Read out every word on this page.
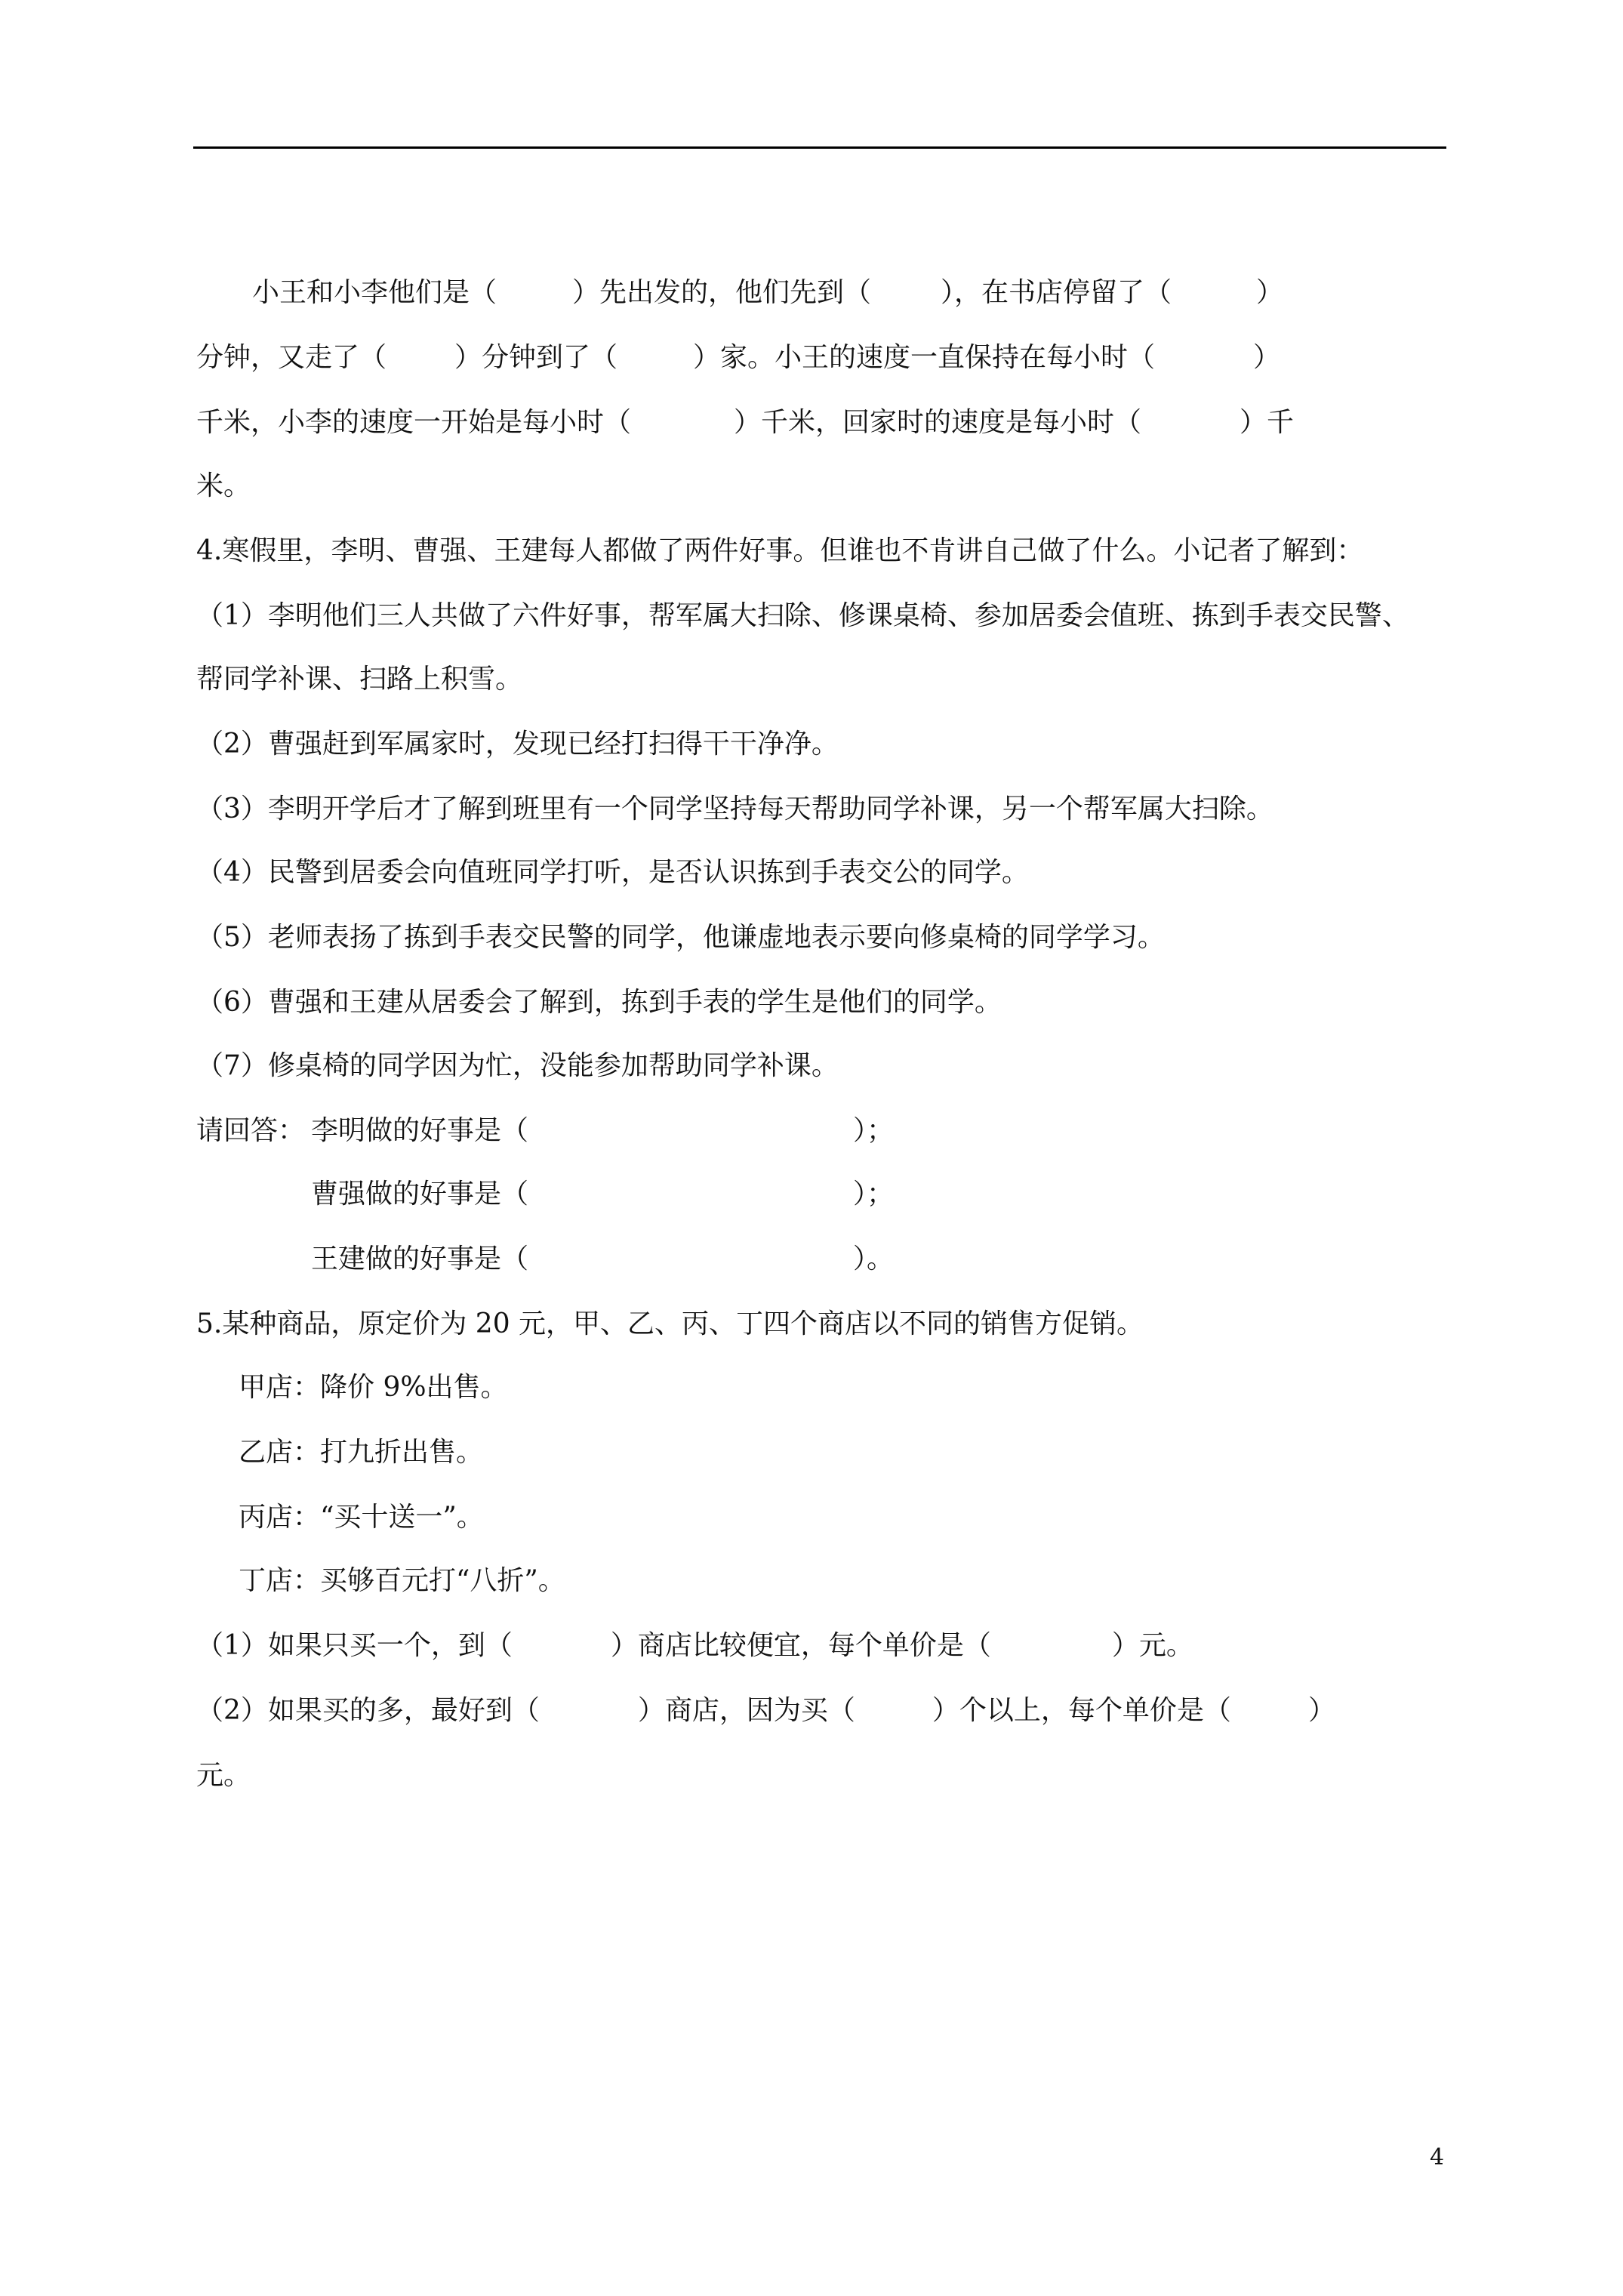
小王和小李他们是（	）先出发的，他们先到（	），在书店停留了（	）
分钟，又走了（	）分钟到了（	）家。小王的速度一直保持在每小时（	）
千米，小李的速度一开始是每小时（	）千米，回家时的速度是每小时（	）千
米。
4.寒假里，李明、曹强、王建每人都做了两件好事。但谁也不肯讲自己做了什么。小记者了解到：
（1）李明他们三人共做了六件好事，帮军属大扫除、修课桌椅、参加居委会值班、拣到手表交民警、
帮同学补课、扫路上积雪。
（2）曹强赶到军属家时，发现已经打扫得干干净净。
（3）李明开学后才了解到班里有一个同学坚持每天帮助同学补课，另一个帮军属大扫除。
（4）民警到居委会向值班同学打听，是否认识拣到手表交公的同学。
（5）老师表扬了拣到手表交民警的同学，他谦虚地表示要向修桌椅的同学学习。
（6）曹强和王建从居委会了解到，拣到手表的学生是他们的同学。
（7）修桌椅的同学因为忙，没能参加帮助同学补课。
请回答： 李明做的好事是（	）；
曹强做的好事是（	）；
王建做的好事是（	）。
5.某种商品，原定价为 20 元，甲、乙、丙、丁四个商店以不同的销售方促销。
甲店：降价 9%出售。
乙店：打九折出售。
丙店：“买十送一”。
丁店：买够百元打“八折”。
（1）如果只买一个，到（	）商店比较便宜，每个单价是（	）元。
（2）如果买的多，最好到（	）商店，因为买（	）个以上，每个单价是（	）
元。
4
